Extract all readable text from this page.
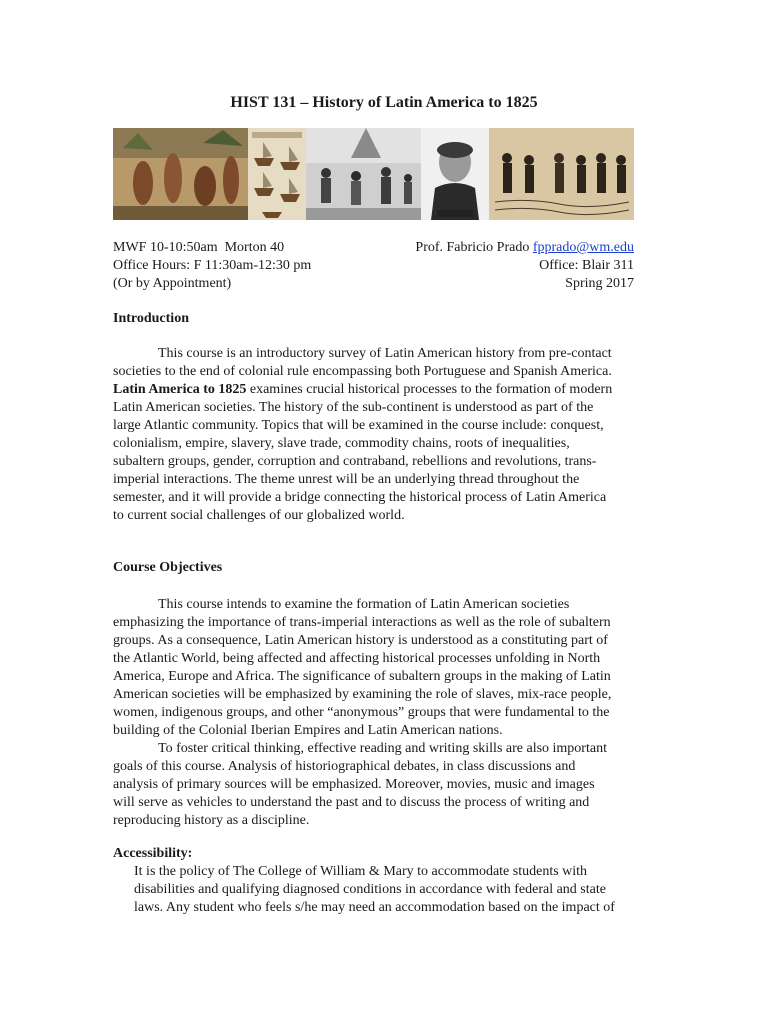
HIST 131 – History of Latin America to 1825
MWF 10-10:50am  Morton 40	Prof. Fabricio Prado fpprado@wm.edu
Office Hours: F 11:30am-12:30 pm	Office: Blair 311
(Or by Appointment)	Spring 2017
Introduction
This course is an introductory survey of Latin American history from pre-contact
societies to the end of colonial rule encompassing both Portuguese and Spanish America.
Latin America to 1825 examines crucial historical processes to the formation of modern
Latin American societies. The history of the sub-continent is understood as part of the
large Atlantic community. Topics that will be examined in the course include: conquest,
colonialism, empire, slavery, slave trade, commodity chains, roots of inequalities,
subaltern groups, gender, corruption and contraband, rebellions and revolutions, trans-
imperial interactions. The theme unrest will be an underlying thread throughout the
semester, and it will provide a bridge connecting the historical process of Latin America
to current social challenges of our globalized world.
Course Objectives
This course intends to examine the formation of Latin American societies
emphasizing the importance of trans-imperial interactions as well as the role of subaltern
groups. As a consequence, Latin American history is understood as a constituting part of
the Atlantic World, being affected and affecting historical processes unfolding in North
America, Europe and Africa. The significance of subaltern groups in the making of Latin
American societies will be emphasized by examining the role of slaves, mix-race people,
women, indigenous groups, and other “anonymous” groups that were fundamental to the
building of the Colonial Iberian Empires and Latin American nations.
To foster critical thinking, effective reading and writing skills are also important
goals of this course. Analysis of historiographical debates, in class discussions and
analysis of primary sources will be emphasized. Moreover, movies, music and images
will serve as vehicles to understand the past and to discuss the process of writing and
reproducing history as a discipline.
Accessibility:
It is the policy of The College of William & Mary to accommodate students with
disabilities and qualifying diagnosed conditions in accordance with federal and state
laws. Any student who feels s/he may need an accommodation based on the impact of
